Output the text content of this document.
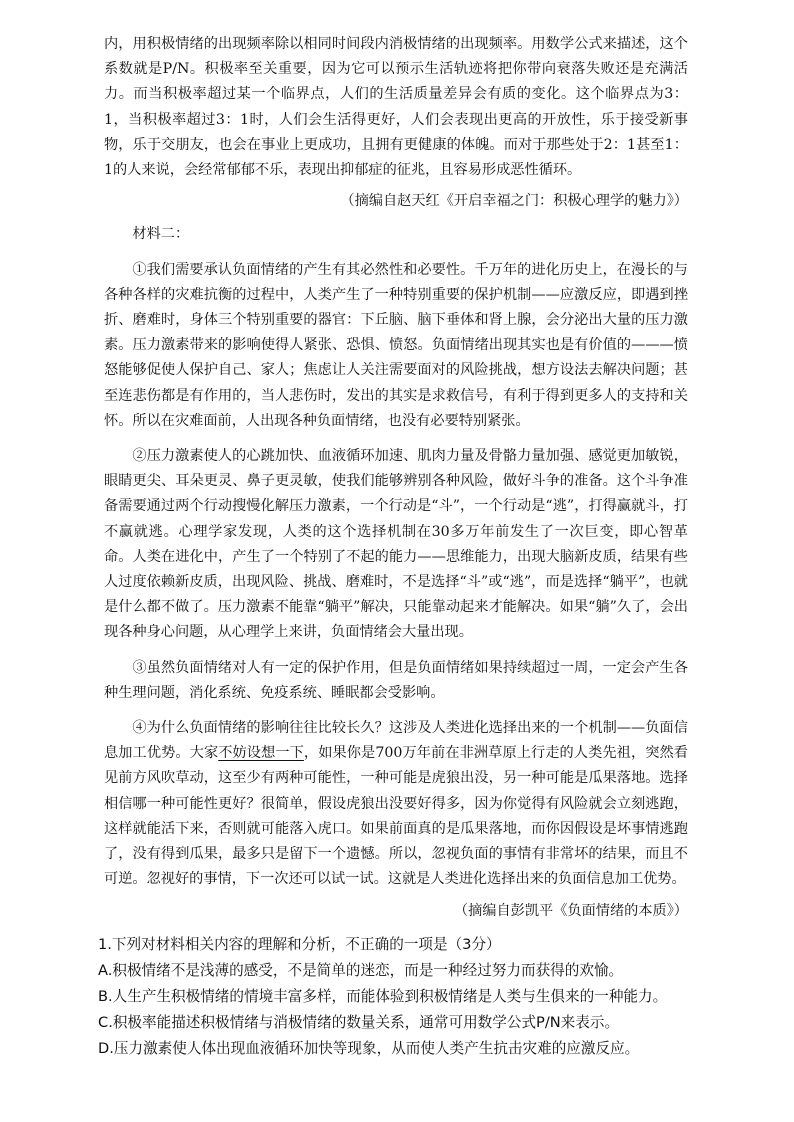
内，用积极情绪的出现频率除以相同时间段内消极情绪的出现频率。用数学公式来描述，这个系数就是P/N。积极率至关重要，因为它可以预示生活轨迹将把你带向衰落失败还是充满活力。而当积极率超过某一个临界点，人们的生活质量差异会有质的变化。这个临界点为3：1，当积极率超过3：1时，人们会生活得更好，人们会表现出更高的开放性，乐于接受新事物，乐于交朋友，也会在事业上更成功，且拥有更健康的体魄。而对于那些处于2：1甚至1：1的人来说，会经常郁郁不乐，表现出抑郁症的征兆，且容易形成恶性循环。

（摘编自赵天红《开启幸福之门：积极心理学的魅力》）

材料二：

①我们需要承认负面情绪的产生有其必然性和必要性。千万年的进化历史上，在漫长的与各种各样的灾难抗衡的过程中，人类产生了一种特别重要的保护机制——应激反应，即遇到挫折、磨难时，身体三个特别重要的器官：下丘脑、脑下垂体和肾上腺，会分泌出大量的压力激素。压力激素带来的影响使得人紧张、恐惧、愤怒。负面情绪出现其实也是有价值的———愤怒能够促使人保护自己、家人；焦虑让人关注需要面对的风险挑战，想方设法去解决问题；甚至连悲伤都是有作用的，当人悲伤时，发出的其实是求救信号，有利于得到更多人的支持和关怀。所以在灾难面前，人出现各种负面情绪，也没有必要特别紧张。

②压力激素使人的心跳加快、血液循环加速、肌肉力量及骨骼力量加强、感觉更加敏锐，眼睛更尖、耳朵更灵、鼻子更灵敏，使我们能够辨别各种风险，做好斗争的准备。这个斗争准备需要通过两个行动搜慢化解压力激素，一个行动是“斗”，一个行动是“逃”，打得赢就斗，打不赢就逃。心理学家发现，人类的这个选择机制在30多万年前发生了一次巨变，即心智革命。人类在进化中，产生了一个特别了不起的能力——思维能力，出现大脑新皮质，结果有些人过度依赖新皮质，出现风险、挑战、磨难时，不是选择“斗”或“逃”，而是选择“躺平”，也就是什么都不做了。压力激素不能靠“躺平”解决，只能靠动起来才能解决。如果“躺”久了，会出现各种身心问题，从心理学上来讲，负面情绪会大量出现。

③虽然负面情绪对人有一定的保护作用，但是负面情绪如果持续超过一周，一定会产生各种生理问题，消化系统、免疫系统、睡眠都会受影响。

④为什么负面情绪的影响往往比较长久？这涉及人类进化选择出来的一个机制——负面信息加工优势。大家不妨设想一下，如果你是700万年前在非洲草原上行走的人类先祖，突然看见前方风吹草动，这至少有两种可能性，一种可能是虎狼出没，另一种可能是瓜果落地。选择相信哪一种可能性更好？很简单，假设虎狼出没要好得多，因为你觉得有风险就会立刻逃跑，这样就能活下来，否则就可能落入虎口。如果前面真的是瓜果落地，而你因假设是坏事情逃跑了，没有得到瓜果，最多只是留下一个遗憾。所以，忽视负面的事情有非常坏的结果，而且不可逆。忽视好的事情，下一次还可以试一试。这就是人类进化选择出来的负面信息加工优势。

（摘编自彭凯平《负面情绪的本质》）

1.下列对材料相关内容的理解和分析，不正确的一项是（3分）

A.积极情绪不是浅薄的感受，不是简单的迷恋，而是一种经过努力而获得的欢愉。

B.人生产生积极情绪的情境丰富多样，而能体验到积极情绪是人类与生俱来的一种能力。

C.积极率能描述积极情绪与消极情绪的数量关系，通常可用数学公式P/N来表示。

D.压力激素使人体出现血液循环加快等现象，从而使人类产生抗击灾难的应激反应。
